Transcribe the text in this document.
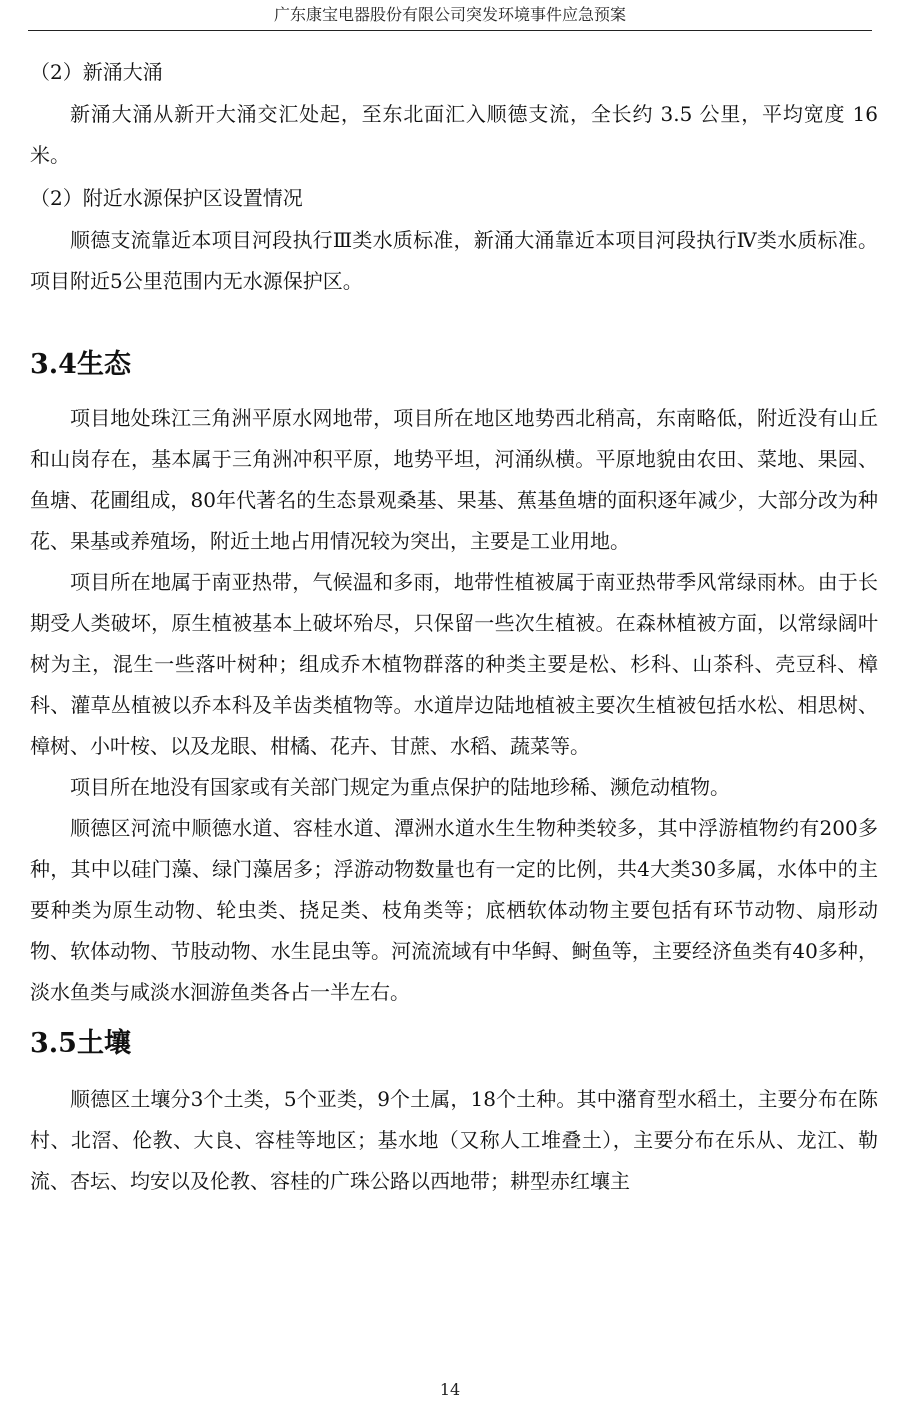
广东康宝电器股份有限公司突发环境事件应急预案
（2）新涌大涌

新涌大涌从新开大涌交汇处起，至东北面汇入顺德支流，全长约 3.5 公里，平均宽度 16 米。

（2）附近水源保护区设置情况

顺德支流靠近本项目河段执行Ⅲ类水质标准，新涌大涌靠近本项目河段执行Ⅳ类水质标准。项目附近5公里范围内无水源保护区。

3.4生态

项目地处珠江三角洲平原水网地带，项目所在地区地势西北稍高，东南略低，附近没有山丘和山岗存在，基本属于三角洲冲积平原，地势平坦，河涌纵横。平原地貌由农田、菜地、果园、鱼塘、花圃组成，80年代著名的生态景观桑基、果基、蕉基鱼塘的面积逐年减少，大部分改为种花、果基或养殖场，附近土地占用情况较为突出，主要是工业用地。

项目所在地属于南亚热带，气候温和多雨，地带性植被属于南亚热带季风常绿雨林。由于长期受人类破坏，原生植被基本上破坏殆尽，只保留一些次生植被。在森林植被方面，以常绿阔叶树为主，混生一些落叶树种；组成乔木植物群落的种类主要是松、杉科、山茶科、壳豆科、樟科、灌草丛植被以乔本科及羊齿类植物等。水道岸边陆地植被主要次生植被包括水松、相思树、樟树、小叶桉、以及龙眼、柑橘、花卉、甘蔗、水稻、蔬菜等。

项目所在地没有国家或有关部门规定为重点保护的陆地珍稀、濒危动植物。

顺德区河流中顺德水道、容桂水道、潭洲水道水生生物种类较多，其中浮游植物约有200多种，其中以硅门藻、绿门藻居多；浮游动物数量也有一定的比例，共4大类30多属，水体中的主要种类为原生动物、轮虫类、挠足类、枝角类等；底栖软体动物主要包括有环节动物、扇形动物、软体动物、节肢动物、水生昆虫等。河流流域有中华鲟、鲥鱼等，主要经济鱼类有40多种，淡水鱼类与咸淡水洄游鱼类各占一半左右。

3.5土壤

顺德区土壤分3个土类，5个亚类，9个土属，18个土种。其中潴育型水稻土，主要分布在陈村、北滘、伦教、大良、容桂等地区；基水地（又称人工堆叠土），主要分布在乐从、龙江、勒流、杏坛、均安以及伦教、容桂的广珠公路以西地带；耕型赤红壤主

14
